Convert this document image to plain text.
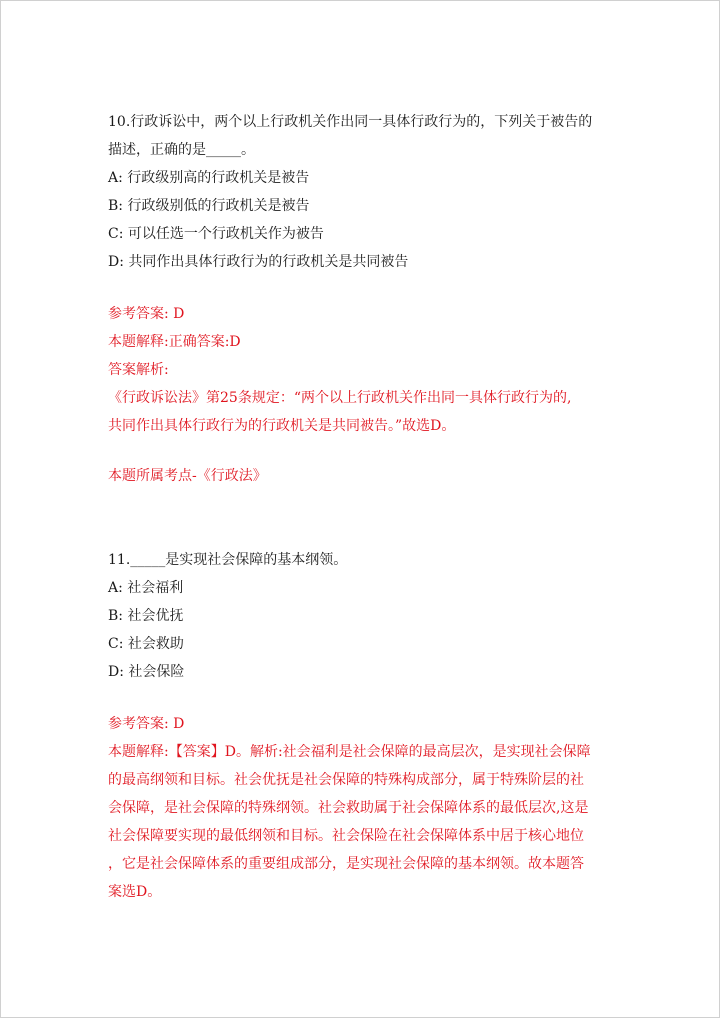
10.行政诉讼中，两个以上行政机关作出同一具体行政行为的，下列关于被告的
描述，正确的是_____。
A: 行政级别高的行政机关是被告
B: 行政级别低的行政机关是被告
C: 可以任选一个行政机关作为被告
D: 共同作出具体行政行为的行政机关是共同被告
参考答案: D
本题解释:正确答案:D
答案解析:
《行政诉讼法》第25条规定：“两个以上行政机关作出同一具体行政行为的,
共同作出具体行政行为的行政机关是共同被告。”故选D。
本题所属考点-《行政法》
11._____是实现社会保障的基本纲领。
A: 社会福利
B: 社会优抚
C: 社会救助
D: 社会保险
参考答案: D
本题解释:【答案】D。解析:社会福利是社会保障的最高层次，是实现社会保障
的最高纲领和目标。社会优抚是社会保障的特殊构成部分，属于特殊阶层的社
会保障，是社会保障的特殊纲领。社会救助属于社会保障体系的最低层次,这是
社会保障要实现的最低纲领和目标。社会保险在社会保障体系中居于核心地位
，它是社会保障体系的重要组成部分，是实现社会保障的基本纲领。故本题答
案选D。
